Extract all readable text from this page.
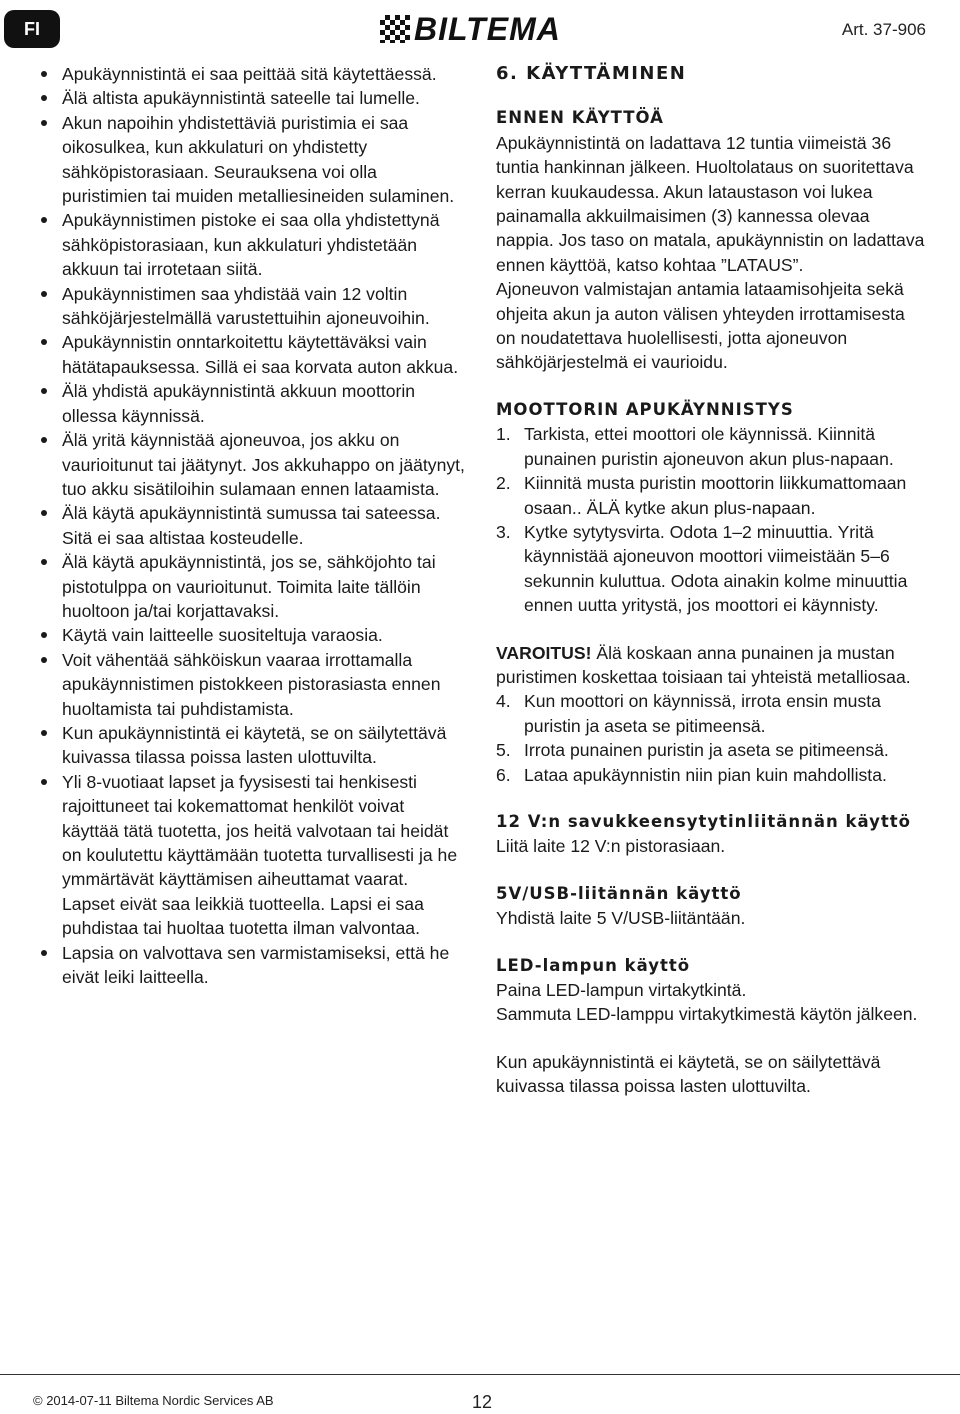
FI	BILTEMA	Art. 37-906
Apukäynnistintä ei saa peittää sitä käytettäessä.
Älä altista apukäynnistintä sateelle tai lumelle.
Akun napoihin yhdistettäviä puristimia ei saa oikosulkea, kun akkulaturi on yhdistetty sähköpistorasiaan. Seurauksena voi olla puristimien tai muiden metalliesineiden sulaminen.
Apukäynnistimen pistoke ei saa olla yhdistettynä sähköpistorasiaan, kun akkulaturi yhdistetään akkuun tai irrotetaan siitä.
Apukäynnistimen saa yhdistää vain 12 voltin sähköjärjestelmällä varustettuihin ajoneuvoihin.
Apukäynnistin onntarkoitettu käytettäväksi vain hätätapauksessa. Sillä ei saa korvata auton akkua.
Älä yhdistä apukäynnistintä akkuun moottorin ollessa käynnissä.
Älä yritä käynnistää ajoneuvoa, jos akku on vaurioitunut tai jäätynyt. Jos akkuhappo on jäätynyt, tuo akku sisätiloihin sulamaan ennen lataamista.
Älä käytä apukäynnistintä sumussa tai sateessa. Sitä ei saa altistaa kosteudelle.
Älä käytä apukäynnistintä, jos se, sähköjohto tai pistotulppa on vaurioitunut. Toimita laite tällöin huoltoon ja/tai korjattavaksi.
Käytä vain laitteelle suositeltuja varaosia.
Voit vähentää sähköiskun vaaraa irrottamalla apukäynnistimen pistokkeen pistorasiasta ennen huoltamista tai puhdistamista.
Kun apukäynnistintä ei käytetä, se on säilytettävä kuivassa tilassa poissa lasten ulottuvilta.
Yli 8-vuotiaat lapset ja fyysisesti tai henkisesti rajoittuneet tai kokemattomat henkilöt voivat käyttää tätä tuotetta, jos heitä valvotaan tai heidät on koulutettu käyttämään tuotetta turvallisesti ja he ymmärtävät käyttämisen aiheuttamat vaarat. Lapset eivät saa leikkiä tuotteella. Lapsi ei saa puhdistaa tai huoltaa tuotetta ilman valvontaa.
Lapsia on valvottava sen varmistamiseksi, että he eivät leiki laitteella.
6. KÄYTTÄMINEN
ENNEN KÄYTTÖÄ

Apukäynnistintä on ladattava 12 tuntia viimeistä 36 tuntia hankinnan jälkeen. Huoltolataus on suoritettava kerran kuukaudessa. Akun lataustason voi lukea painamalla akkuilmaisimen (3) kannessa olevaa nappia. Jos taso on matala, apukäynnistin on ladattava ennen käyttöä, katso kohtaa ”LATAUS”.

Ajoneuvon valmistajan antamia lataamisohjeita sekä ohjeita akun ja auton välisen yhteyden irrottamisesta on noudatettava huolellisesti, jotta ajoneuvon sähköjärjestelmä ei vaurioidu.

MOOTTORIN APUKÄYNNISTYS
1. Tarkista, ettei moottori ole käynnissä. Kiinnitä punainen puristin ajoneuvon akun plus-napaan.
2. Kiinnitä musta puristin moottorin liikkumattomaan osaan.. ÄLÄ kytke akun plus-napaan.
3. Kytke sytytysvirta. Odota 1–2 minuuttia. Yritä käynnistää ajoneuvon moottori viimeistään 5–6 sekunnin kuluttua. Odota ainakin kolme minuuttia ennen uutta yritystä, jos moottori ei käynnisty.

VAROITUS! Älä koskaan anna punainen ja mustan puristimen koskettaa toisiaan tai yhteistä metalliosaa.

4. Kun moottori on käynnissä, irrota ensin musta puristin ja aseta se pitimeensä.
5. Irrota punainen puristin ja aseta se pitimeensä.
6. Lataa apukäynnistin niin pian kuin mahdollista.
12 V:n savukkeensytytinliitännän käyttö

Liitä laite 12 V:n pistorasiaan.

5V/USB-liitännän käyttö

Yhdistä laite 5 V/USB-liitäntään.

LED-lampun käyttö

Paina LED-lampun virtakytkintä.

Sammuta LED-lamppu virtakytkimestä käytön jälkeen.

Kun apukäynnistintä ei käytetä, se on säilytettävä kuivassa tilassa poissa lasten ulottuvilta.

© 2014-07-11 Biltema Nordic Services AB	12
